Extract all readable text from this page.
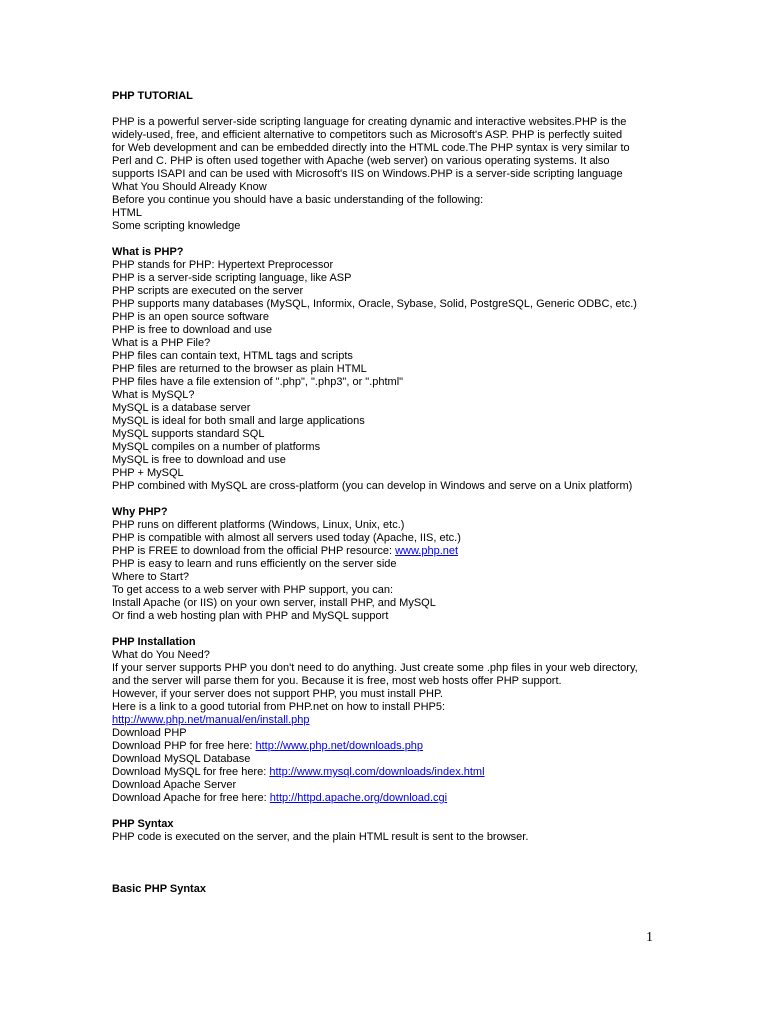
PHP TUTORIAL
PHP is a powerful server-side scripting language for creating dynamic and interactive websites.PHP is the
widely-used, free, and efficient alternative to competitors such as Microsoft's ASP. PHP is perfectly suited
for Web development and can be embedded directly into the HTML code.The PHP syntax is very similar to
Perl and C. PHP is often used together with Apache (web server) on various operating systems. It also
supports ISAPI and can be used with Microsoft's IIS on Windows.PHP is a server-side scripting language
What You Should Already Know
Before you continue you should have a basic understanding of the following:
HTML
Some scripting knowledge
What is PHP?
PHP stands for PHP: Hypertext Preprocessor
PHP is a server-side scripting language, like ASP
PHP scripts are executed on the server
PHP supports many databases (MySQL, Informix, Oracle, Sybase, Solid, PostgreSQL, Generic ODBC, etc.)
PHP is an open source software
PHP is free to download and use
What is a PHP File?
PHP files can contain text, HTML tags and scripts
PHP files are returned to the browser as plain HTML
PHP files have a file extension of ".php", ".php3", or ".phtml"
What is MySQL?
MySQL is a database server
MySQL is ideal for both small and large applications
MySQL supports standard SQL
MySQL compiles on a number of platforms
MySQL is free to download and use
PHP + MySQL
PHP combined with MySQL are cross-platform (you can develop in Windows and serve on a Unix platform)
Why PHP?
PHP runs on different platforms (Windows, Linux, Unix, etc.)
PHP is compatible with almost all servers used today (Apache, IIS, etc.)
PHP is FREE to download from the official PHP resource: www.php.net
PHP is easy to learn and runs efficiently on the server side
Where to Start?
To get access to a web server with PHP support, you can:
Install Apache (or IIS) on your own server, install PHP, and MySQL
Or find a web hosting plan with PHP and MySQL support
PHP Installation
What do You Need?
If your server supports PHP you don't need to do anything. Just create some .php files in your web directory,
and the server will parse them for you. Because it is free, most web hosts offer PHP support.
However, if your server does not support PHP, you must install PHP.
Here is a link to a good tutorial from PHP.net on how to install PHP5:
http://www.php.net/manual/en/install.php
Download PHP
Download PHP for free here: http://www.php.net/downloads.php
Download MySQL Database
Download MySQL for free here: http://www.mysql.com/downloads/index.html
Download Apache Server
Download Apache for free here: http://httpd.apache.org/download.cgi
PHP Syntax
PHP code is executed on the server, and the plain HTML result is sent to the browser.
Basic PHP Syntax
1
